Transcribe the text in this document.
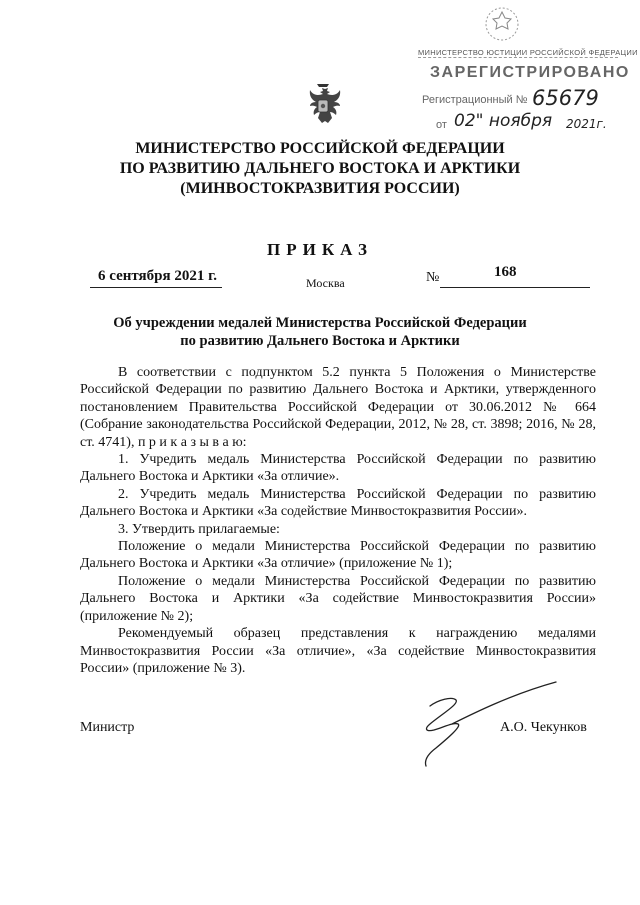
МИНИСТЕРСТВО ЮСТИЦИИ РОССИЙСКОЙ ФЕДЕРАЦИИ
ЗАРЕГИСТРИРОВАНО
Регистрационный № 65679
от 02" ноября 2021г.
МИНИСТЕРСТВО РОССИЙСКОЙ ФЕДЕРАЦИИ
ПО РАЗВИТИЮ ДАЛЬНЕГО ВОСТОКА И АРКТИКИ
(МИНВОСТОКРАЗВИТИЯ РОССИИ)
ПРИКАЗ
6 сентября 2021 г.	Москва	№	168
Об учреждении медалей Министерства Российской Федерации
по развитию Дальнего Востока и Арктики

В соответствии с подпунктом 5.2 пункта 5 Положения о Министерстве Российской Федерации по развитию Дальнего Востока и Арктики, утвержденного постановлением Правительства Российской Федерации от 30.06.2012 № 664 (Собрание законодательства Российской Федерации, 2012, № 28, ст. 3898; 2016, № 28, ст. 4741), п р и к а з ы в а ю:

1. Учредить медаль Министерства Российской Федерации по развитию Дальнего Востока и Арктики «За отличие».

2. Учредить медаль Министерства Российской Федерации по развитию Дальнего Востока и Арктики «За содействие Минвостокразвития России».

3. Утвердить прилагаемые:

Положение о медали Министерства Российской Федерации по развитию Дальнего Востока и Арктики «За отличие» (приложение № 1);

Положение о медали Министерства Российской Федерации по развитию Дальнего Востока и Арктики «За содействие Минвостокразвития России» (приложение № 2);

Рекомендуемый образец представления к награждению медалями Минвостокразвития России «За отличие», «За содействие Минвостокразвития России» (приложение № 3).

Министр	А.О. Чекунков
